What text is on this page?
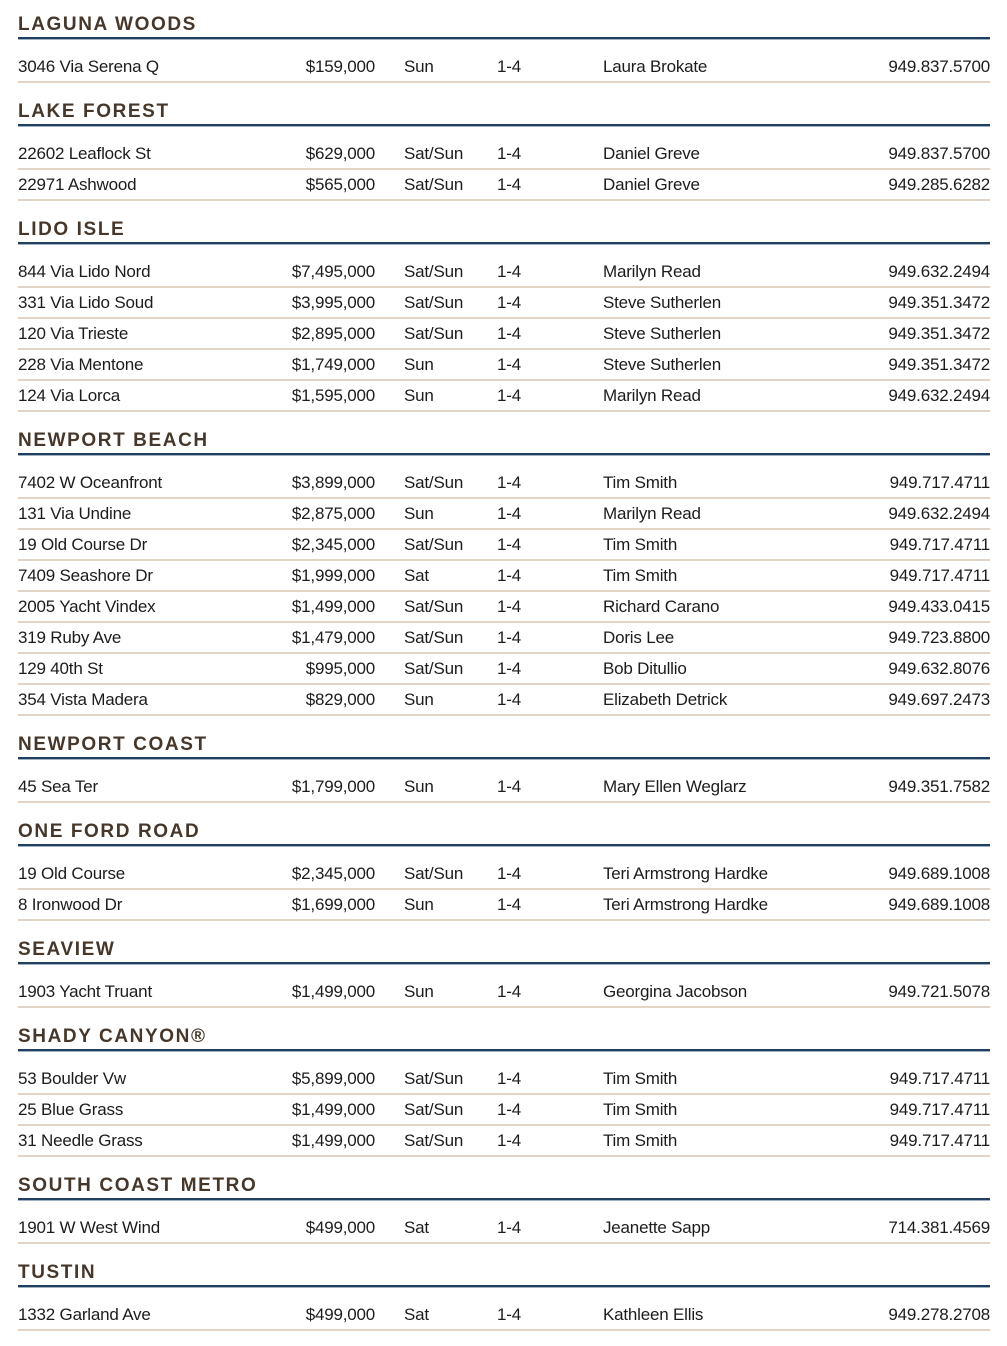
LAGUNA WOODS
3046 Via Serena Q	$159,000	Sun	1-4	Laura Brokate	949.837.5700
LAKE FOREST
22602 Leaflock St	$629,000	Sat/Sun	1-4	Daniel Greve	949.837.5700
22971 Ashwood	$565,000	Sat/Sun	1-4	Daniel Greve	949.285.6282
LIDO ISLE
844 Via Lido Nord	$7,495,000	Sat/Sun	1-4	Marilyn Read	949.632.2494
331 Via Lido Soud	$3,995,000	Sat/Sun	1-4	Steve Sutherlen	949.351.3472
120 Via Trieste	$2,895,000	Sat/Sun	1-4	Steve Sutherlen	949.351.3472
228 Via Mentone	$1,749,000	Sun	1-4	Steve Sutherlen	949.351.3472
124 Via Lorca	$1,595,000	Sun	1-4	Marilyn Read	949.632.2494
NEWPORT BEACH
7402 W Oceanfront	$3,899,000	Sat/Sun	1-4	Tim Smith	949.717.4711
131 Via Undine	$2,875,000	Sun	1-4	Marilyn Read	949.632.2494
19 Old Course Dr	$2,345,000	Sat/Sun	1-4	Tim Smith	949.717.4711
7409 Seashore Dr	$1,999,000	Sat	1-4	Tim Smith	949.717.4711
2005 Yacht Vindex	$1,499,000	Sat/Sun	1-4	Richard Carano	949.433.0415
319 Ruby Ave	$1,479,000	Sat/Sun	1-4	Doris Lee	949.723.8800
129 40th St	$995,000	Sat/Sun	1-4	Bob Ditullio	949.632.8076
354 Vista Madera	$829,000	Sun	1-4	Elizabeth Detrick	949.697.2473
NEWPORT COAST
45 Sea Ter	$1,799,000	Sun	1-4	Mary Ellen Weglarz	949.351.7582
ONE FORD ROAD
19 Old Course	$2,345,000	Sat/Sun	1-4	Teri Armstrong Hardke	949.689.1008
8 Ironwood Dr	$1,699,000	Sun	1-4	Teri Armstrong Hardke	949.689.1008
SEAVIEW
1903 Yacht Truant	$1,499,000	Sun	1-4	Georgina Jacobson	949.721.5078
SHADY CANYON®
53 Boulder Vw	$5,899,000	Sat/Sun	1-4	Tim Smith	949.717.4711
25 Blue Grass	$1,499,000	Sat/Sun	1-4	Tim Smith	949.717.4711
31 Needle Grass	$1,499,000	Sat/Sun	1-4	Tim Smith	949.717.4711
SOUTH COAST METRO
1901 W West Wind	$499,000	Sat	1-4	Jeanette Sapp	714.381.4569
TUSTIN
1332 Garland Ave	$499,000	Sat	1-4	Kathleen Ellis	949.278.2708
